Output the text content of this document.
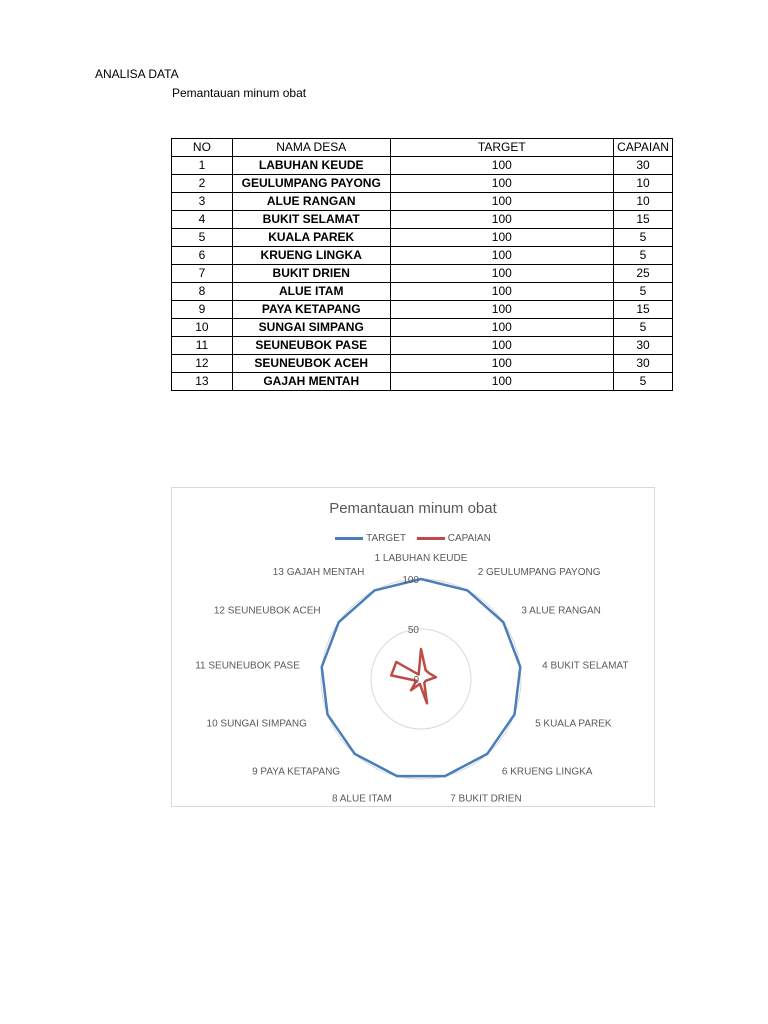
ANALISA DATA
Pemantauan minum obat
NO	NAMA DESA	TARGET	CAPAIAN
1	LABUHAN KEUDE	100	30
2	GEULUMPANG PAYONG	100	10
3	ALUE RANGAN	100	10
4	BUKIT SELAMAT	100	15
5	KUALA PAREK	100	5
6	KRUENG LINGKA	100	5
7	BUKIT DRIEN	100	25
8	ALUE ITAM	100	5
9	PAYA KETAPANG	100	15
10	SUNGAI SIMPANG	100	5
11	SEUNEUBOK PASE	100	30
12	SEUNEUBOK ACEH	100	30
13	GAJAH MENTAH	100	5
Pemantauan minum obat
TARGET	CAPAIAN
0
50
100
1 LABUHAN KEUDE
2 GEULUMPANG PAYONG
3 ALUE RANGAN
4 BUKIT SELAMAT
5 KUALA PAREK
6 KRUENG LINGKA
7 BUKIT DRIEN
8 ALUE ITAM
9 PAYA KETAPANG
10 SUNGAI SIMPANG
11 SEUNEUBOK PASE
12 SEUNEUBOK ACEH
13 GAJAH MENTAH
